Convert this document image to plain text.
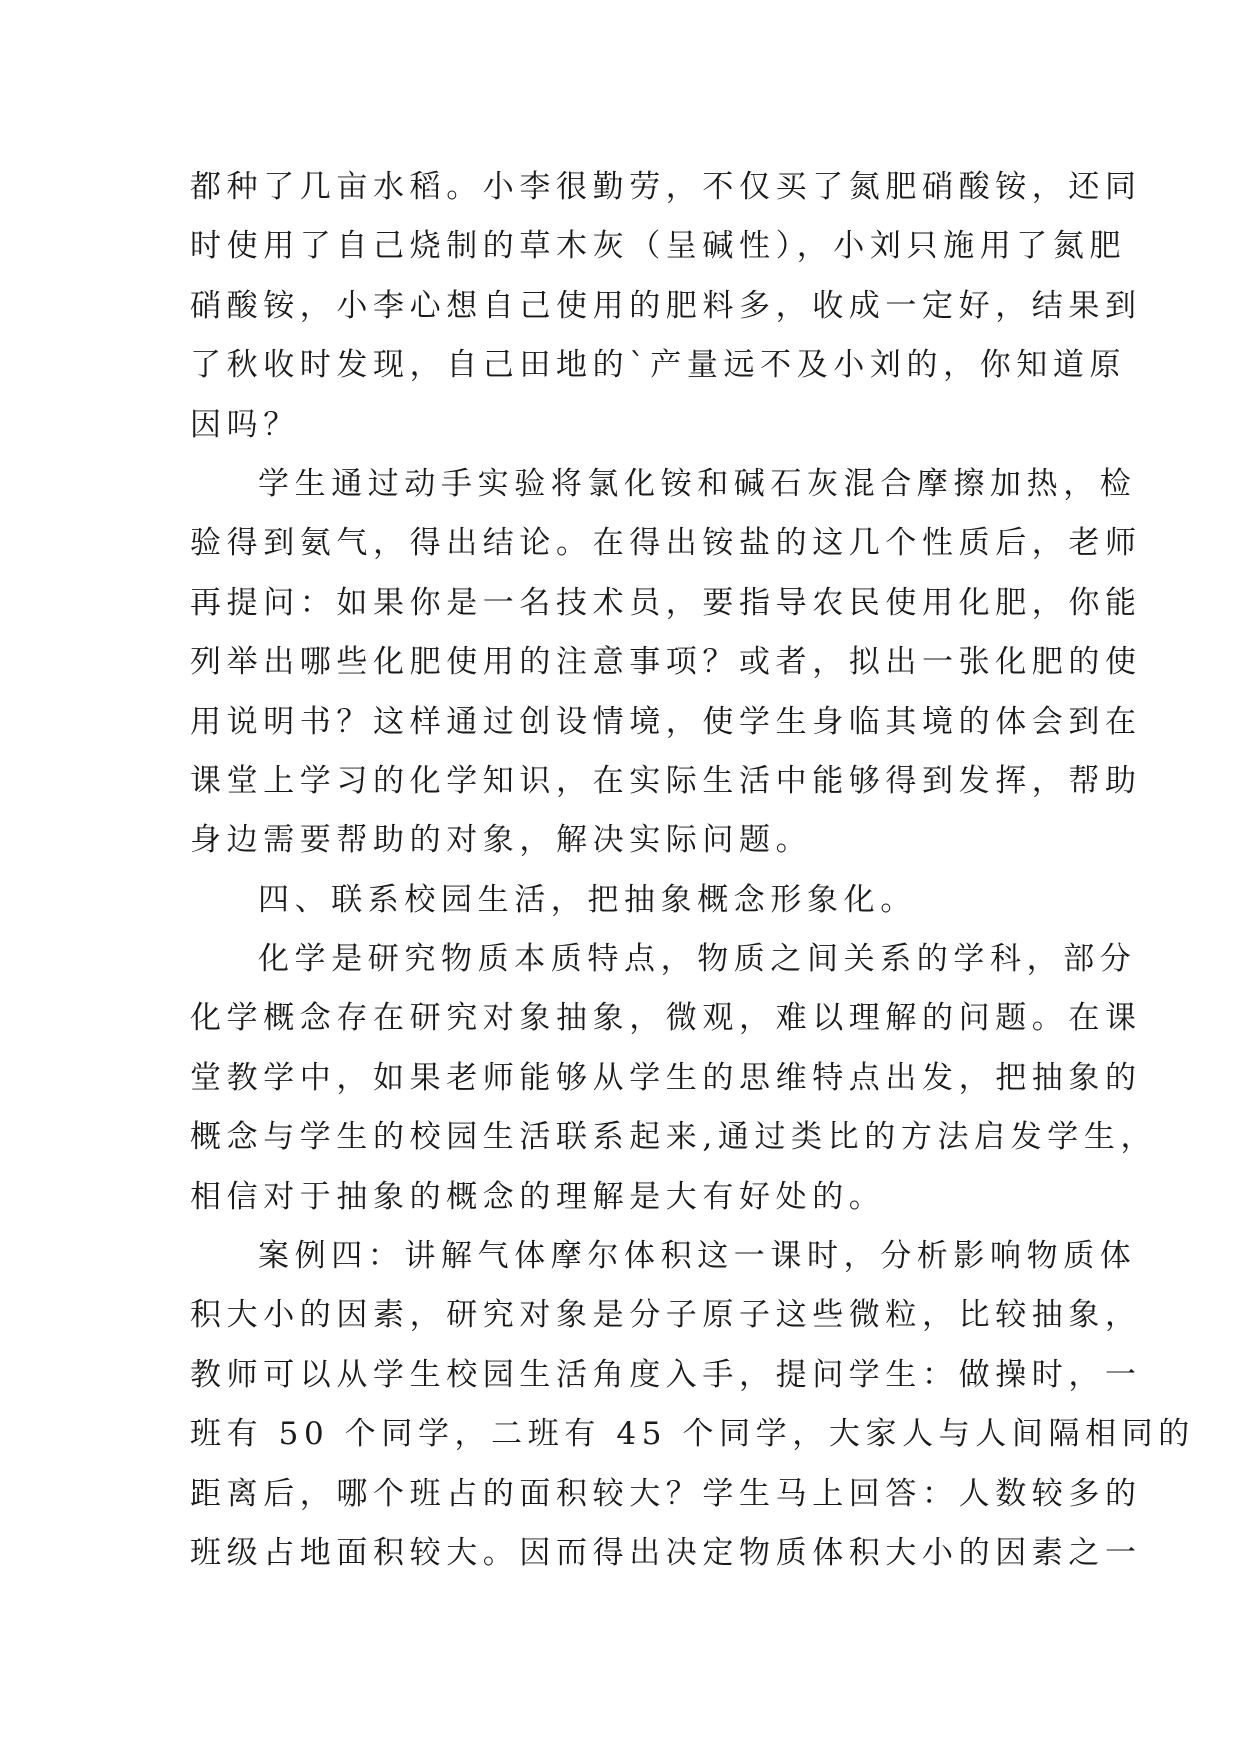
都种了几亩水稻。小李很勤劳，不仅买了氮肥硝酸铵，还同
时使用了自己烧制的草木灰（呈碱性），小刘只施用了氮肥
硝酸铵，小李心想自己使用的肥料多，收成一定好，结果到
了秋收时发现，自己田地的`产量远不及小刘的，你知道原
因吗？
学生通过动手实验将氯化铵和碱石灰混合摩擦加热，检
验得到氨气，得出结论。在得出铵盐的这几个性质后，老师
再提问：如果你是一名技术员，要指导农民使用化肥，你能
列举出哪些化肥使用的注意事项？或者，拟出一张化肥的使
用说明书？这样通过创设情境，使学生身临其境的体会到在
课堂上学习的化学知识，在实际生活中能够得到发挥，帮助
身边需要帮助的对象，解决实际问题。
四、联系校园生活，把抽象概念形象化。
化学是研究物质本质特点，物质之间关系的学科，部分
化学概念存在研究对象抽象，微观，难以理解的问题。在课
堂教学中，如果老师能够从学生的思维特点出发，把抽象的
概念与学生的校园生活联系起来,通过类比的方法启发学生，
相信对于抽象的概念的理解是大有好处的。
案例四：讲解气体摩尔体积这一课时，分析影响物质体
积大小的因素，研究对象是分子原子这些微粒，比较抽象，
教师可以从学生校园生活角度入手，提问学生：做操时，一
班有 50 个同学，二班有 45 个同学，大家人与人间隔相同的
距离后，哪个班占的面积较大？学生马上回答：人数较多的
班级占地面积较大。因而得出决定物质体积大小的因素之一
